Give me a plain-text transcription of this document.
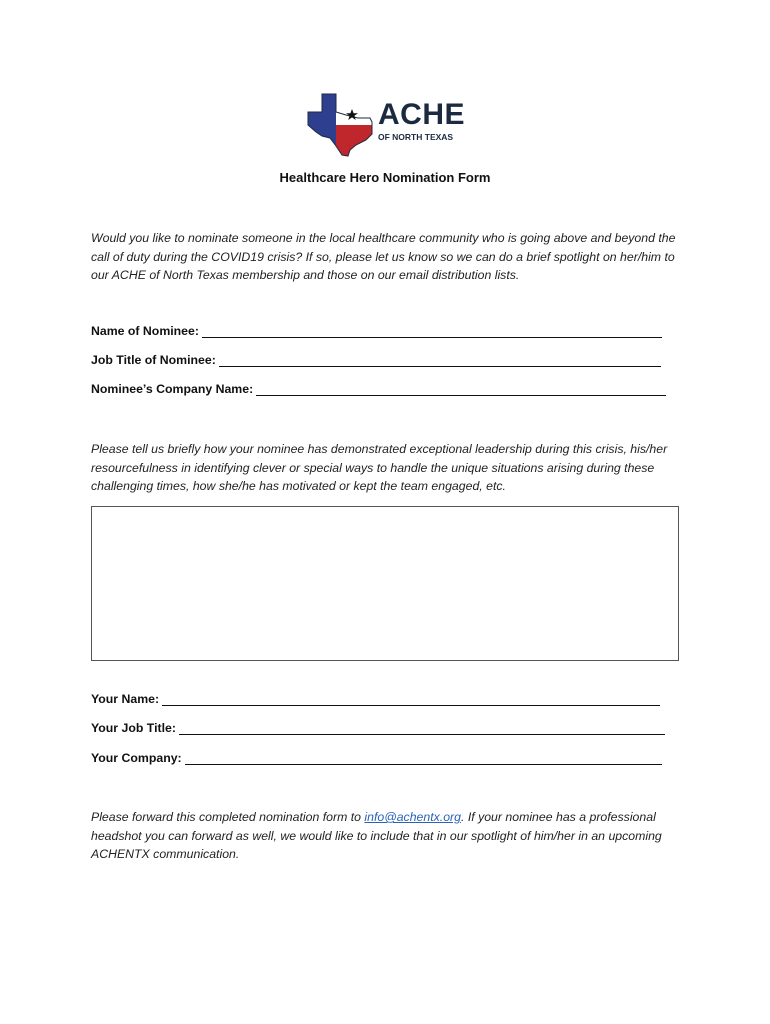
ACHE
OF NORTH TEXAS
Healthcare Hero Nomination Form
Would you like to nominate someone in the local healthcare community who is going above and beyond the call of duty during the COVID19 crisis? If so, please let us know so we can do a brief spotlight on her/him to our ACHE of North Texas membership and those on our email distribution lists.
Name of Nominee:
Job Title of Nominee:
Nominee’s Company Name:
Please tell us briefly how your nominee has demonstrated exceptional leadership during this crisis, his/her resourcefulness in identifying clever or special ways to handle the unique situations arising during these challenging times, how she/he has motivated or kept the team engaged, etc.
Your Name:
Your Job Title:
Your Company:
Please forward this completed nomination form to info@achentx.org. If your nominee has a professional headshot you can forward as well, we would like to include that in our spotlight of him/her in an upcoming ACHENTX communication.
